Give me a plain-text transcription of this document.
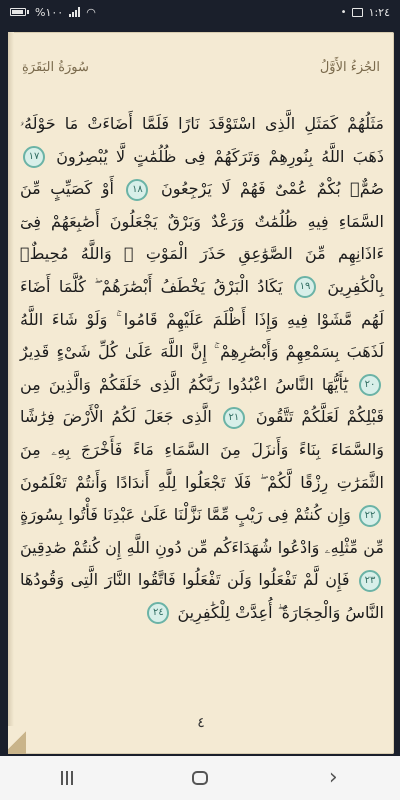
%١٠٠ ◠	• ١:٢٤
سُورَةُ البَقَرَةِ	الجُزءُ الأَوَّلُ
مَثَلُهُمْ كَمَثَلِ الَّذِى اسْتَوْقَدَ نَارًا فَلَمَّا أَضَاءَتْ مَا حَوْلَهُۥ ذَهَبَ اللَّهُ بِنُورِهِمْ وَتَرَكَهُمْ فِى ظُلُمَٰتٍ لَّا يُبْصِرُونَ ١٧ صُمٌّۢ بُكْمٌ عُمْىٌ فَهُمْ لَا يَرْجِعُونَ ١٨ أَوْ كَصَيِّبٍ مِّنَ السَّمَاءِ فِيهِ ظُلُمَٰتٌ وَرَعْدٌ وَبَرْقٌ يَجْعَلُونَ أَصَٰبِعَهُمْ فِىٓ ءَاذَانِهِم مِّنَ الصَّوَٰعِقِ حَذَرَ الْمَوْتِ ۚ وَاللَّهُ مُحِيطٌۢ بِالْكَٰفِرِينَ ١٩ يَكَادُ الْبَرْقُ يَخْطَفُ أَبْصَٰرَهُمْ ۖ كُلَّمَا أَضَاءَ لَهُم مَّشَوْا فِيهِ وَإِذَا أَظْلَمَ عَلَيْهِمْ قَامُوا ۚ وَلَوْ شَاءَ اللَّهُ لَذَهَبَ بِسَمْعِهِمْ وَأَبْصَٰرِهِمْ ۚ إِنَّ اللَّهَ عَلَىٰ كُلِّ شَىْءٍ قَدِيرٌ ٢٠ يَٰٓأَيُّهَا النَّاسُ اعْبُدُوا رَبَّكُمُ الَّذِى خَلَقَكُمْ وَالَّذِينَ مِن قَبْلِكُمْ لَعَلَّكُمْ تَتَّقُونَ ٢١ الَّذِى جَعَلَ لَكُمُ الْأَرْضَ فِرَٰشًا وَالسَّمَاءَ بِنَاءً وَأَنزَلَ مِنَ السَّمَاءِ مَاءً فَأَخْرَجَ بِهِۦ مِنَ الثَّمَرَٰتِ رِزْقًا لَّكُمْ ۖ فَلَا تَجْعَلُوا لِلَّهِ أَندَادًا وَأَنتُمْ تَعْلَمُونَ ٢٢ وَإِن كُنتُمْ فِى رَيْبٍ مِّمَّا نَزَّلْنَا عَلَىٰ عَبْدِنَا فَأْتُوا بِسُورَةٍ مِّن مِّثْلِهِۦ وَادْعُوا شُهَدَاءَكُم مِّن دُونِ اللَّهِ إِن كُنتُمْ صَٰدِقِينَ ٢٣ فَإِن لَّمْ تَفْعَلُوا وَلَن تَفْعَلُوا فَاتَّقُوا النَّارَ الَّتِى وَقُودُهَا النَّاسُ وَالْحِجَارَةُ ۖ أُعِدَّتْ لِلْكَٰفِرِينَ ٢٤
٤
›
